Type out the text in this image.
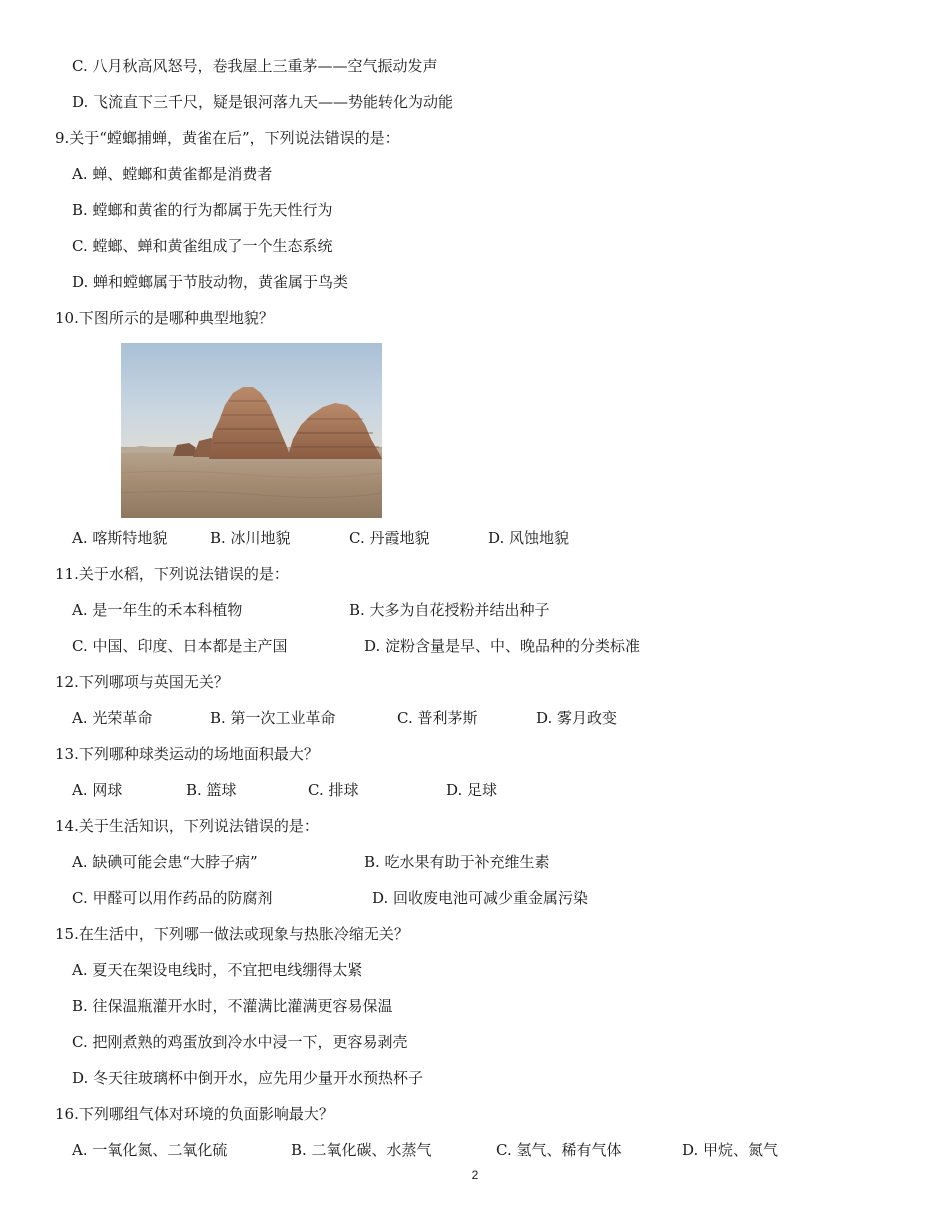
C. 八月秋高风怒号，卷我屋上三重茅——空气振动发声
D. 飞流直下三千尺，疑是银河落九天——势能转化为动能
9.关于“螳螂捕蝉，黄雀在后”，下列说法错误的是：
A. 蝉、螳螂和黄雀都是消费者
B. 螳螂和黄雀的行为都属于先天性行为
C. 螳螂、蝉和黄雀组成了一个生态系统
D. 蝉和螳螂属于节肢动物，黄雀属于鸟类
10.下图所示的是哪种典型地貌？
A. 喀斯特地貌	B. 冰川地貌	C. 丹霞地貌	D. 风蚀地貌
11.关于水稻，下列说法错误的是：
A. 是一年生的禾本科植物	B. 大多为自花授粉并结出种子
C. 中国、印度、日本都是主产国	D. 淀粉含量是早、中、晚品种的分类标准
12.下列哪项与英国无关？
A. 光荣革命	B. 第一次工业革命	C. 普利茅斯	D. 雾月政变
13.下列哪种球类运动的场地面积最大？
A. 网球	B. 篮球	C. 排球	D. 足球
14.关于生活知识，下列说法错误的是：
A. 缺碘可能会患“大脖子病”	B. 吃水果有助于补充维生素
C. 甲醛可以用作药品的防腐剂	D. 回收废电池可减少重金属污染
15.在生活中，下列哪一做法或现象与热胀冷缩无关？
A. 夏天在架设电线时，不宜把电线绷得太紧
B. 往保温瓶灌开水时，不灌满比灌满更容易保温
C. 把刚煮熟的鸡蛋放到冷水中浸一下，更容易剥壳
D. 冬天往玻璃杯中倒开水，应先用少量开水预热杯子
16.下列哪组气体对环境的负面影响最大？
A. 一氧化氮、二氧化硫	B. 二氧化碳、水蒸气	C. 氢气、稀有气体	D. 甲烷、氮气
2
